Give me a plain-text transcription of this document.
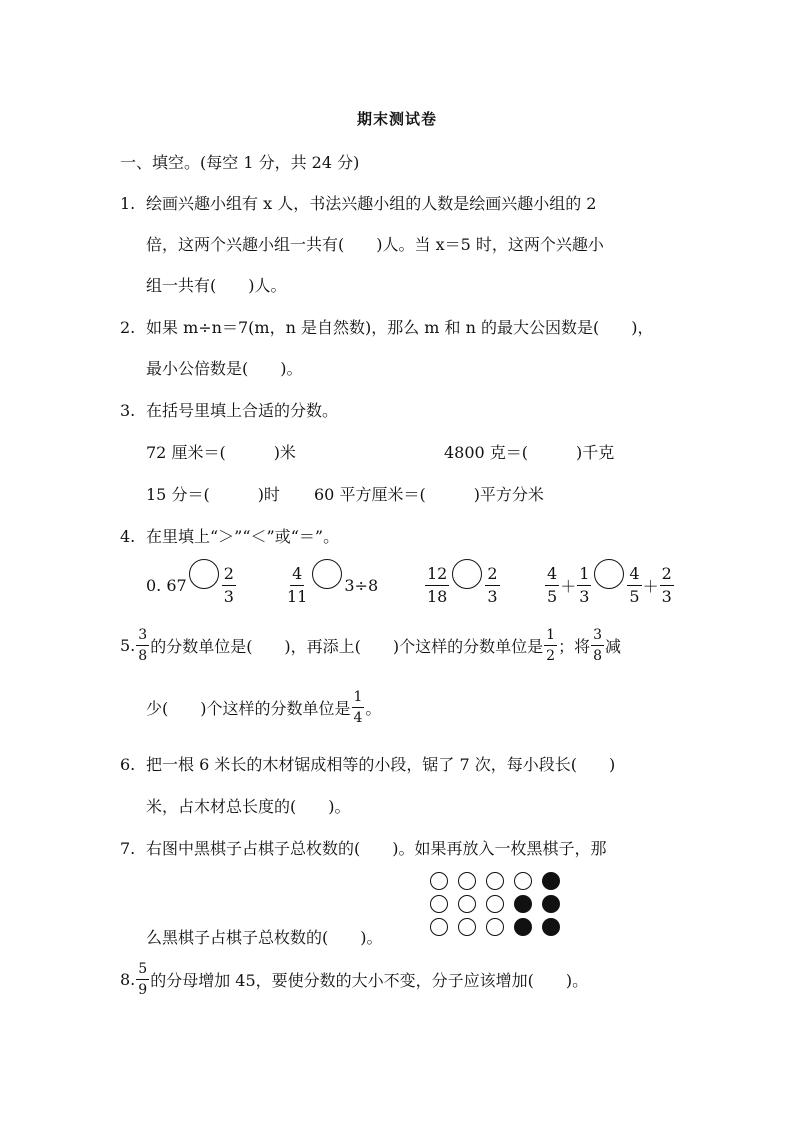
期末测试卷
一、填空。(每空 1 分，共 24 分)
1. 绘画兴趣小组有 x 人，书法兴趣小组的人数是绘画兴趣小组的 2
倍，这两个兴趣小组一共有(　　)人。当 x＝5 时，这两个兴趣小
组一共有(　　)人。
2. 如果 m÷n＝7(m，n 是自然数)，那么 m 和 n 的最大公因数是(　　)，
最小公倍数是(　　)。
3. 在括号里填上合适的分数。
72 厘米＝(　　　)米	4800 克＝(　　　)千克
15 分＝(　　　)时 60 平方厘米＝(　　　)平方分米
4. 在里填上“＞”“＜”或“＝”。
0. $67 \frac{2}{3}$	$\frac{4}{11} 3\div 8$	$\frac{12}{18} \frac{2}{3}$	$\frac{4}{5} + \frac{1}{3} \frac{4}{5} + \frac{2}{3}$
5. $\frac{3}{8}$ 的分数单位是(　　)，再添上(　　)个这样的分数单位是 $\frac{1}{2}$ ；将 $\frac{3}{8}$ 减
少(　　)个这样的分数单位是 $\frac{1}{4}$ 。
6. 把一根 6 米长的木材锯成相等的小段，锯了 7 次，每小段长(　　)
米，占木材总长度的(　　)。
7. 右图中黑棋子占棋子总枚数的(　　)。如果再放入一枚黑棋子，那
么黑棋子占棋子总枚数的(　　)。
8. $\frac{5}{9}$ 的分母增加 45，要使分数的大小不变，分子应该增加(　　)。
